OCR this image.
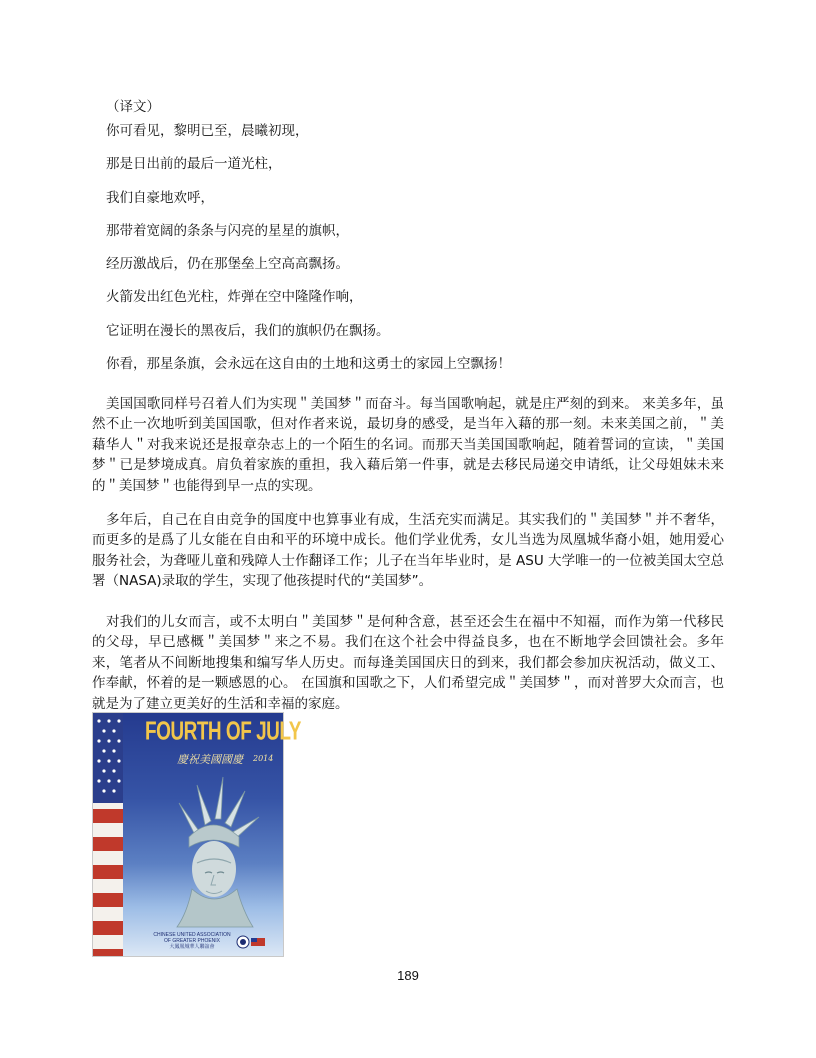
（译文）
你可看见，黎明已至，晨曦初现，
那是日出前的最后一道光柱，
我们自豪地欢呼，
那带着宽阔的条条与闪亮的星星的旗帜，
经历激战后，仍在那堡垒上空高高飘扬。
火箭发出红色光柱，炸弹在空中隆隆作响，
它证明在漫长的黑夜后，我们的旗帜仍在飘扬。
你看，那星条旗，会永远在这自由的土地和这勇士的家园上空飘扬！

美国国歌同样号召着人们为实现＂美国梦＂而奋斗。每当国歌响起，就是庄严刻的到来。 来美多年，虽然不止一次地听到美国国歌，但对作者来说，最切身的感受，是当年入藉的那一刻。未来美国之前，＂美藉华人＂对我来说还是报章杂志上的一个陌生的名词。而那天当美国国歌响起，随着誓词的宣读，＂美国梦＂已是梦境成真。肩负着家族的重担，我入藉后第一件事，就是去移民局递交申请纸，让父母姐妹未来的＂美国梦＂也能得到早一点的实现。

多年后，自己在自由竞争的国度中也算事业有成，生活充实而满足。其实我们的＂美国梦＂并不奢华，而更多的是爲了儿女能在自由和平的环境中成长。他们学业优秀，女儿当选为凤凰城华裔小姐，她用爱心服务社会，为聋哑儿童和残障人士作翻译工作；儿子在当年毕业时，是 ASU 大学唯一的一位被美国太空总署（NASA)录取的学生，实现了他孩提时代的“美国梦”。

对我们的儿女而言，或不太明白＂美国梦＂是何种含意，甚至还会生在福中不知福，而作为第一代移民的父母，早已感概＂美国梦＂来之不易。我们在这个社会中得益良多，也在不断地学会回馈社会。多年来，笔者从不间断地搜集和编写华人历史。而每逢美国国庆日的到来，我们都会参加庆祝活动，做义工、作奉献，怀着的是一颗感恩的心。 在国旗和国歌之下，人们希望完成＂美国梦＂，而对普罗大众而言，也就是为了建立更美好的生活和幸福的家庭。

FOURTH OF JULY
慶祝美國國慶 2014
CHINESE UNITED ASSOCIATION
OF GREATER PHOENIX
大鳳凰城華人聯誼會
189
